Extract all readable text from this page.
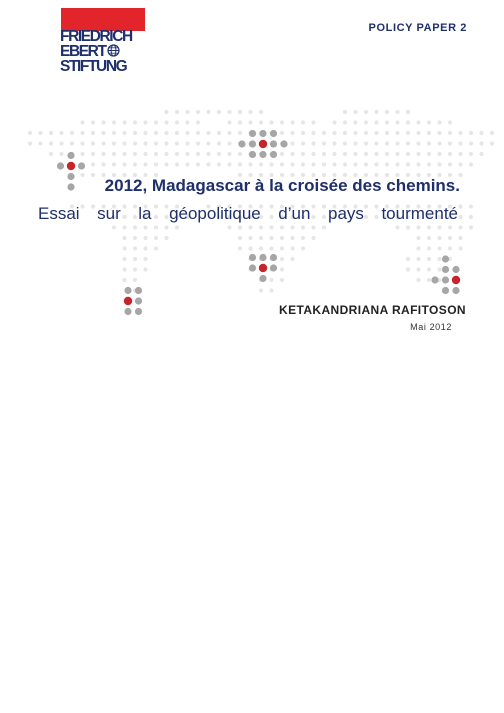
FRIEDRICH
EBERT
STIFTUNG
POLICY PAPER 2
2012, Madagascar à la croisée des chemins.
Essai sur la géopolitique d’un pays tourmenté
KETAKANDRIANA RAFITOSON
Mai 2012
